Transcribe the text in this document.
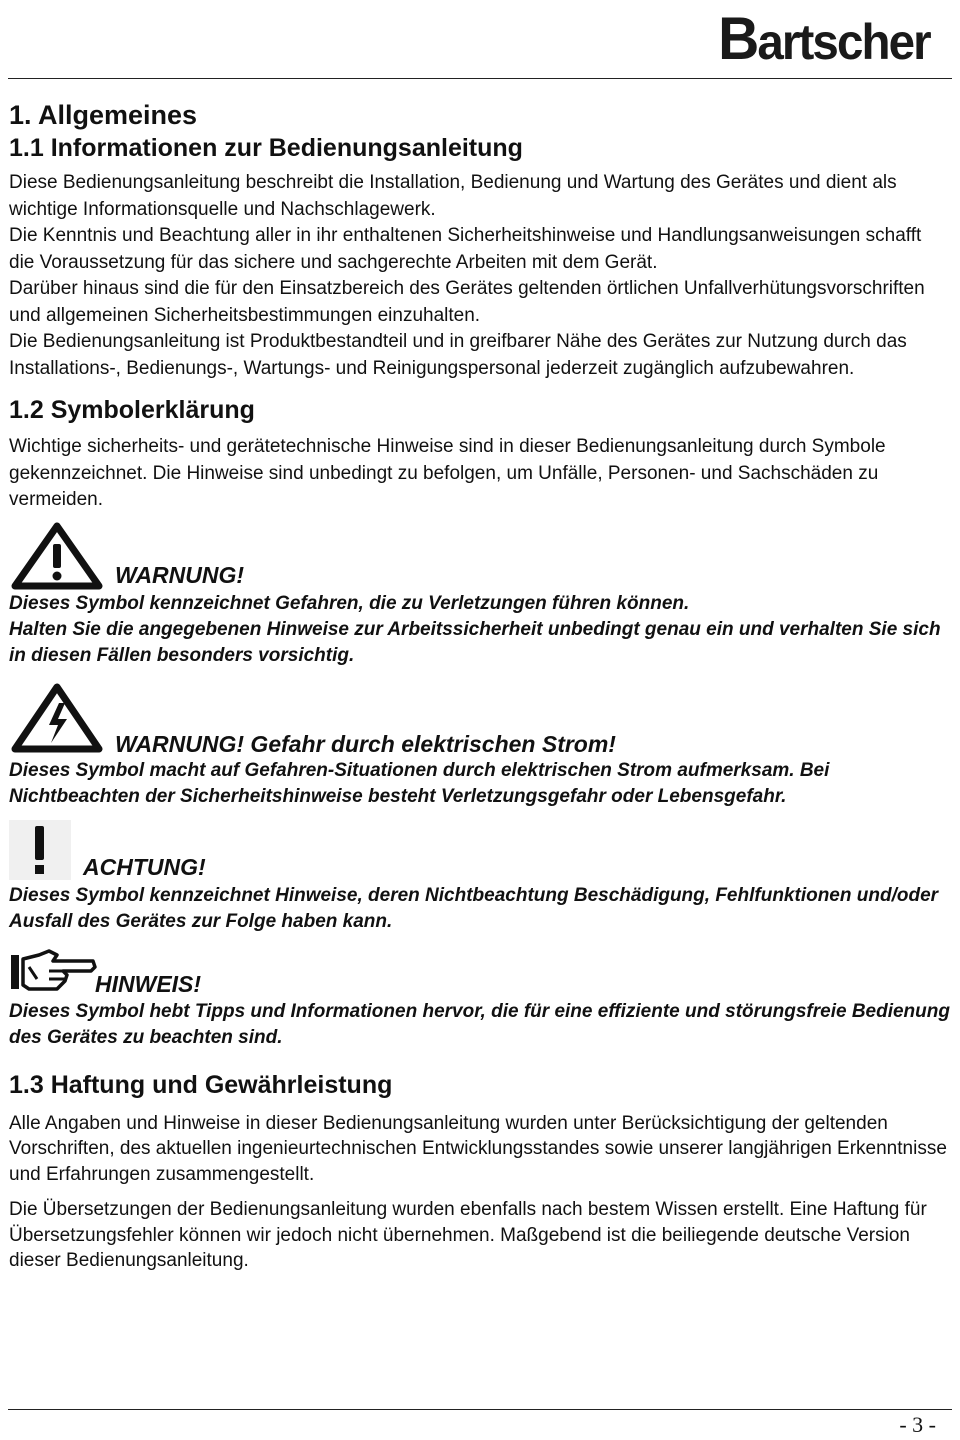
Bartscher
1. Allgemeines
1.1 Informationen zur Bedienungsanleitung

Diese Bedienungsanleitung beschreibt die Installation, Bedienung und Wartung des Gerätes und dient als wichtige Informationsquelle und Nachschlagewerk.

Die Kenntnis und Beachtung aller in ihr enthaltenen Sicherheitshinweise und Handlungsanweisungen schafft die Voraussetzung für das sichere und sachgerechte Arbeiten mit dem Gerät.

Darüber hinaus sind die für den Einsatzbereich des Gerätes geltenden örtlichen Unfallverhütungsvorschriften und allgemeinen Sicherheitsbestimmungen einzuhalten.

Die Bedienungsanleitung ist Produktbestandteil und in greifbarer Nähe des Gerätes zur Nutzung durch das Installations-, Bedienungs-, Wartungs- und Reinigungspersonal jederzeit zugänglich aufzubewahren.

1.2 Symbolerklärung

Wichtige sicherheits- und gerätetechnische Hinweise sind in dieser Bedienungsanleitung durch Symbole gekennzeichnet. Die Hinweise sind unbedingt zu befolgen, um Unfälle, Personen- und Sachschäden zu vermeiden.

WARNUNG!

Dieses Symbol kennzeichnet Gefahren, die zu Verletzungen führen können.

Halten Sie die angegebenen Hinweise zur Arbeitssicherheit unbedingt genau ein und verhalten Sie sich in diesen Fällen besonders vorsichtig.

WARNUNG! Gefahr durch elektrischen Strom!

Dieses Symbol macht auf Gefahren-Situationen durch elektrischen Strom aufmerksam. Bei Nichtbeachten der Sicherheitshinweise besteht Verletzungsgefahr oder Lebensgefahr.

ACHTUNG!

Dieses Symbol kennzeichnet Hinweise, deren Nichtbeachtung Beschädigung, Fehlfunktionen und/oder Ausfall des Gerätes zur Folge haben kann.

HINWEIS!

Dieses Symbol hebt Tipps und Informationen hervor, die für eine effiziente und störungsfreie Bedienung des Gerätes zu beachten sind.

1.3 Haftung und Gewährleistung

Alle Angaben und Hinweise in dieser Bedienungsanleitung wurden unter Berücksichtigung der geltenden Vorschriften, des aktuellen ingenieurtechnischen Entwicklungsstandes sowie unserer langjährigen Erkenntnisse und Erfahrungen zusammengestellt.

Die Übersetzungen der Bedienungsanleitung wurden ebenfalls nach bestem Wissen erstellt. Eine Haftung für Übersetzungsfehler können wir jedoch nicht übernehmen. Maßgebend ist die beiliegende deutsche Version dieser Bedienungsanleitung.

- 3 -
